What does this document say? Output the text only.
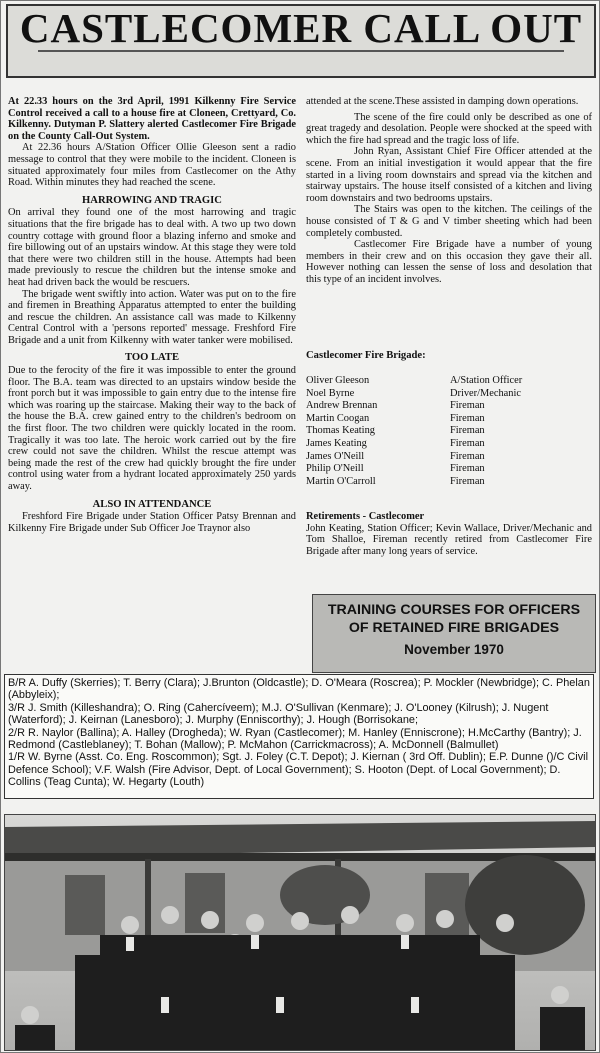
CASTLECOMER CALL OUT

At 22.33 hours on the 3rd April, 1991 Kilkenny Fire Service Control received a call to a house fire at Cloneen, Crettyard, Co. Kilkenny. Dutyman P. Slattery alerted Castlecomer Fire Brigade on the County Call-Out System.

At 22.36 hours A/Station Officer Ollie Gleeson sent a radio message to control that they were mobile to the incident. Cloneen is situated approximately four miles from Castlecomer on the Athy Road. Within minutes they had reached the scene.

HARROWING AND TRAGIC

On arrival they found one of the most harrowing and tragic situations that the fire brigade has to deal with. A two up two down country cottage with ground floor a blazing inferno and smoke and fire billowing out of an upstairs window. At this stage they were told that there were two children still in the house. Attempts had been made previously to rescue the children but the intense smoke and heat had driven back the would be rescuers.

The brigade went swiftly into action. Water was put on to the fire and firemen in Breathing Apparatus attempted to enter the building and rescue the children. An assistance call was made to Kilkenny Central Control with a 'persons reported' message. Freshford Fire Brigade and a unit from Kilkenny with water tanker were mobilised.

TOO LATE

Due to the ferocity of the fire it was impossible to enter the ground floor. The B.A. team was directed to an upstairs window beside the front porch but it was impossible to gain entry due to the intense fire which was roaring up the staircase. Making their way to the back of the house the B.A. crew gained entry to the children's bedroom on the first floor. The two children were quickly located in the room. Tragically it was too late. The heroic work carried out by the fire crew could not save the children. Whilst the rescue attempt was being made the rest of the crew had quickly brought the fire under control using water from a hydrant located approximately 250 yards away.

ALSO IN ATTENDANCE

Freshford Fire Brigade under Station Officer Patsy Brennan and Kilkenny Fire Brigade under Sub Officer Joe Traynor also

attended at the scene.These assisted in damping down operations.

The scene of the fire could only be described as one of great tragedy and desolation. People were shocked at the speed with which the fire had spread and the tragic loss of life.

John Ryan, Assistant Chief Fire Officer attended at the scene. From an initial investigation it would appear that the fire started in a living room downstairs and spread via the kitchen and stairway upstairs. The house itself consisted of a kitchen and living room downstairs and two bedrooms upstairs.

The Stairs was open to the kitchen. The ceilings of the house consisted of T & G and V timber sheeting which had been completely combusted.

Castlecomer Fire Brigade have a number of young members in their crew and on this occasion they gave their all. However nothing can lessen the sense of loss and desolation that this type of an incident involves.

Castlecomer Fire Brigade:
Oliver Gleeson	A/Station Officer
Noel Byrne	Driver/Mechanic
Andrew Brennan	Fireman
Martin Coogan	Fireman
Thomas Keating	Fireman
James Keating	Fireman
James O'Neill	Fireman
Philip O'Neill	Fireman
Martin O'Carroll	Fireman

Retirements - Castlecomer

John Keating, Station Officer; Kevin Wallace, Driver/Mechanic and Tom Shalloe, Fireman recently retired from Castlecomer Fire Brigade after many long years of service.

TRAINING COURSES FOR OFFICERS
OF RETAINED FIRE BRIGADES
November 1970

B/R A. Duffy (Skerries); T. Berry (Clara); J.Brunton (Oldcastle); D. O'Meara (Roscrea); P. Mockler (Newbridge); C. Phelan (Abbyleix);

3/R J. Smith (Killeshandra); O. Ring (Cahercíveem); M.J. O'Sullivan (Kenmare); J. O'Looney (Kilrush); J. Nugent (Waterford); J. Keirnan (Lanesboro); J. Murphy (Enniscorthy); J. Hough (Borrisokane;

2/R R. Naylor (Ballina); A. Halley (Drogheda); W. Ryan (Castlecomer); M. Hanley (Enniscrone); H.McCarthy (Bantry); J. Redmond (Castleblaney); T. Bohan (Mallow); P. McMahon (Carrickmacross); A. McDonnell (Balmullet)

1/R W. Byrne (Asst. Co. Eng. Roscommon); Sgt. J. Foley (C.T. Depot); J. Kiernan ( 3rd Off. Dublin); E.P. Dunne ()/C Civil Defence School); V.F. Walsh (Fire Advisor, Dept. of Local Government); S. Hooton (Dept. of Local Government); D. Collins (Teag Cunta); W. Hegarty (Louth)
